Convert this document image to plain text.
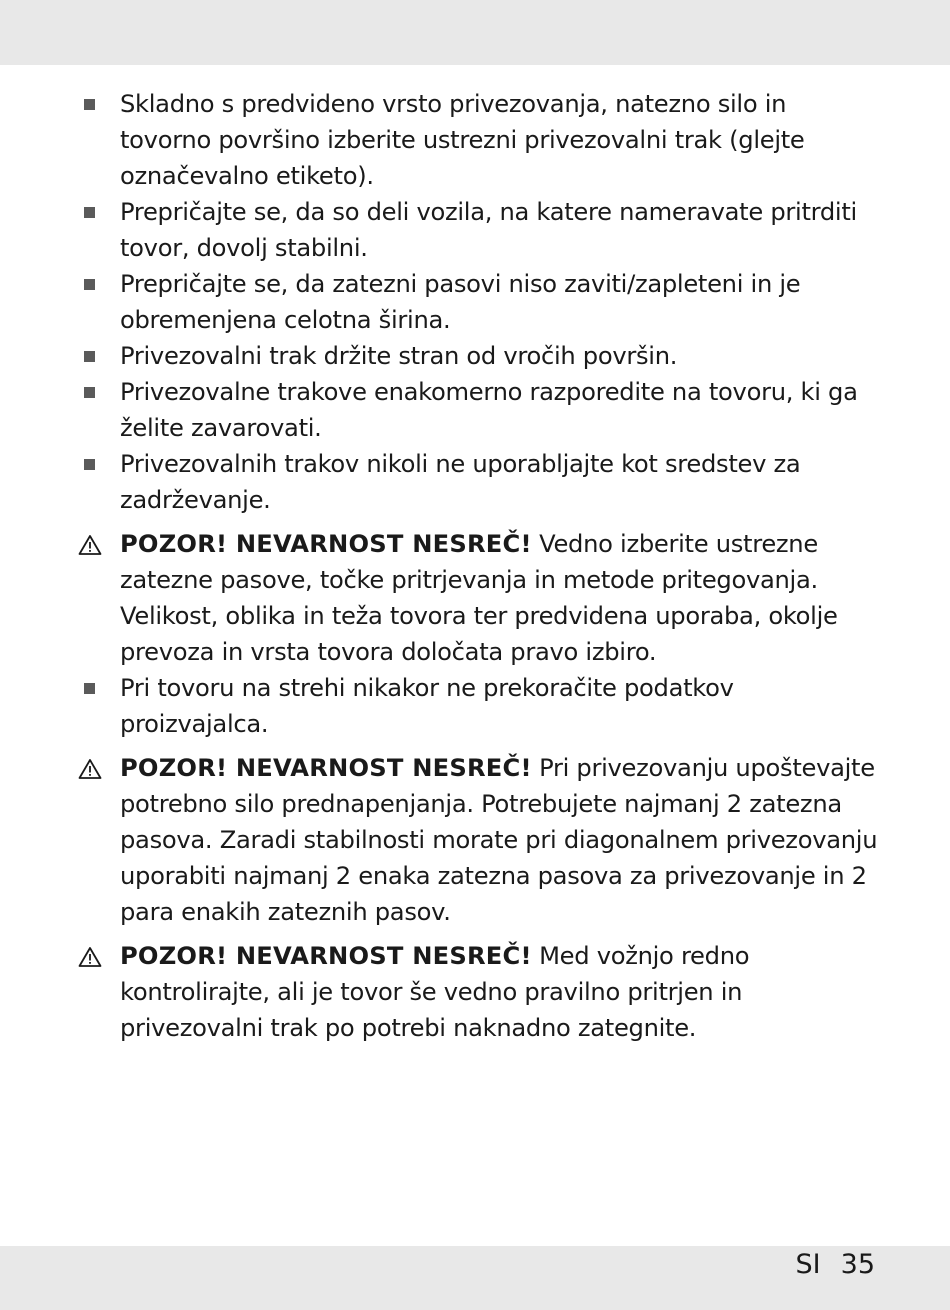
Skladno s predvideno vrsto privezovanja, natezno silo in tovorno površino izberite ustrezni privezovalni trak (glejte označevalno etiketo).
Prepričajte se, da so deli vozila, na katere nameravate pritrditi tovor, dovolj stabilni.
Prepričajte se, da zatezni pasovi niso zaviti/zapleteni in je obremenjena celotna širina.
Privezovalni trak držite stran od vročih površin.
Privezovalne trakove enakomerno razporedite na tovoru, ki ga želite zavarovati.
Privezovalnih trakov nikoli ne uporabljajte kot sredstev za zadrževanje.
POZOR! NEVARNOST NESREČ! Vedno izberite ustrezne zatezne pasove, točke pritrjevanja in metode pritegovanja. Velikost, oblika in teža tovora ter predvidena uporaba, okolje prevoza in vrsta tovora določata pravo izbiro.
Pri tovoru na strehi nikakor ne prekoračite podatkov proizvajalca.
POZOR! NEVARNOST NESREČ! Pri privezovanju upoštevajte potrebno silo prednapenjanja. Potrebujete najmanj 2 zatezna pasova. Zaradi stabilnosti morate pri diagonalnem privezovanju uporabiti najmanj 2 enaka zatezna pasova za privezovanje in 2 para enakih zateznih pasov.
POZOR! NEVARNOST NESREČ! Med vožnjo redno kontrolirajte, ali je tovor še vedno pravilno pritrjen in privezovalni trak po potrebi naknadno zategnite.
SI 35
